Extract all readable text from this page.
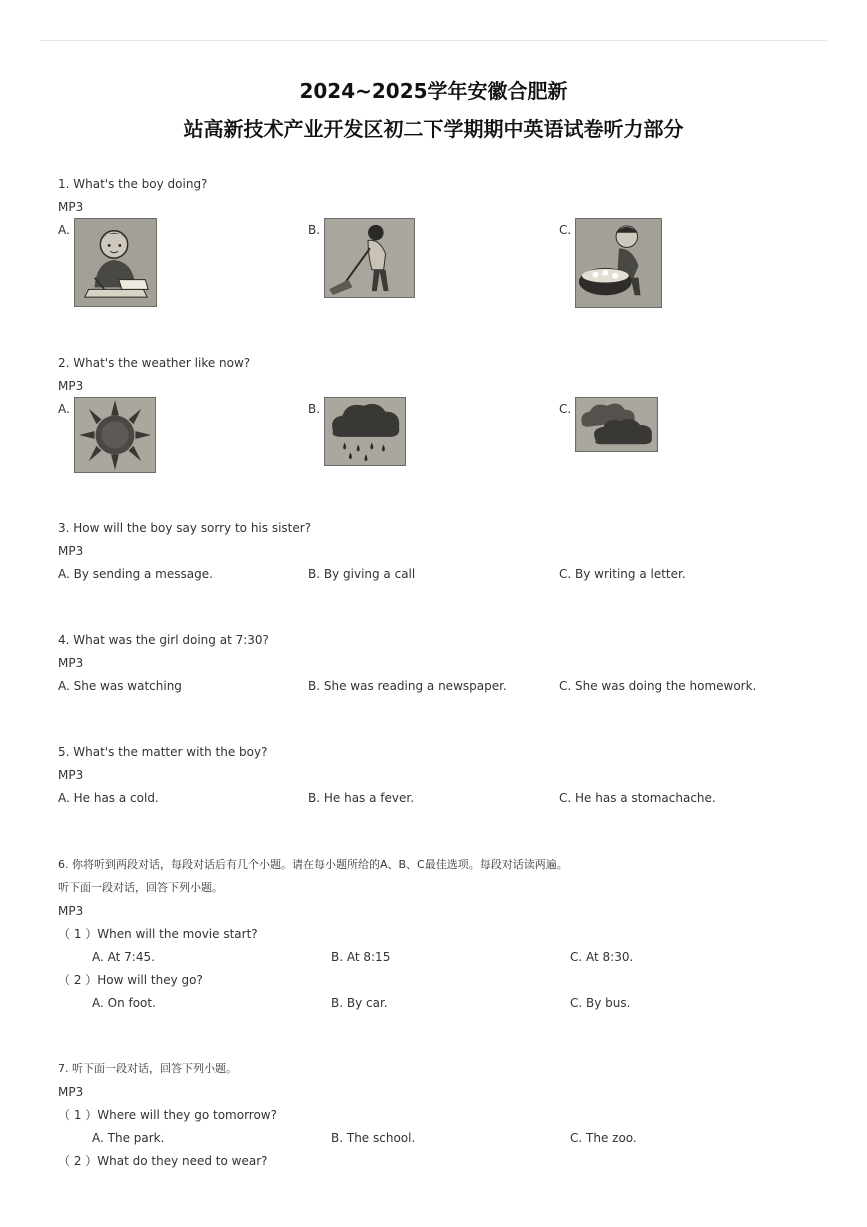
2024~2025学年安徽合肥新
站高新技术产业开发区初二下学期期中英语试卷听力部分
1. What's the boy doing?
MP3
A.	B.	C.
2. What's the weather like now?
MP3
A.	B.	C.
3. How will the boy say sorry to his sister?
MP3
A. By sending a message.	B. By giving a call	C. By writing a letter.
4. What was the girl doing at 7:30?
MP3
A. She was watching	B. She was reading a newspaper.	C. She was doing the homework.
5. What's the matter with the boy?
MP3
A. He has a cold.	B. He has a fever.	C. He has a stomachache.
6. 你将听到两段对话，每段对话后有几个小题。请在每小题所给的A、B、C最佳选项。每段对话读两遍。
听下面一段对话，回答下列小题。
MP3
（ 1 ）When will the movie start?
A. At 7:45.	B. At 8:15	C. At 8:30.
（ 2 ）How will they go?
A. On foot.	B. By car.	C. By bus.
7. 听下面一段对话，回答下列小题。
MP3
（ 1 ）Where will they go tomorrow?
A. The park.	B. The school.	C. The zoo.
（ 2 ）What do they need to wear?
